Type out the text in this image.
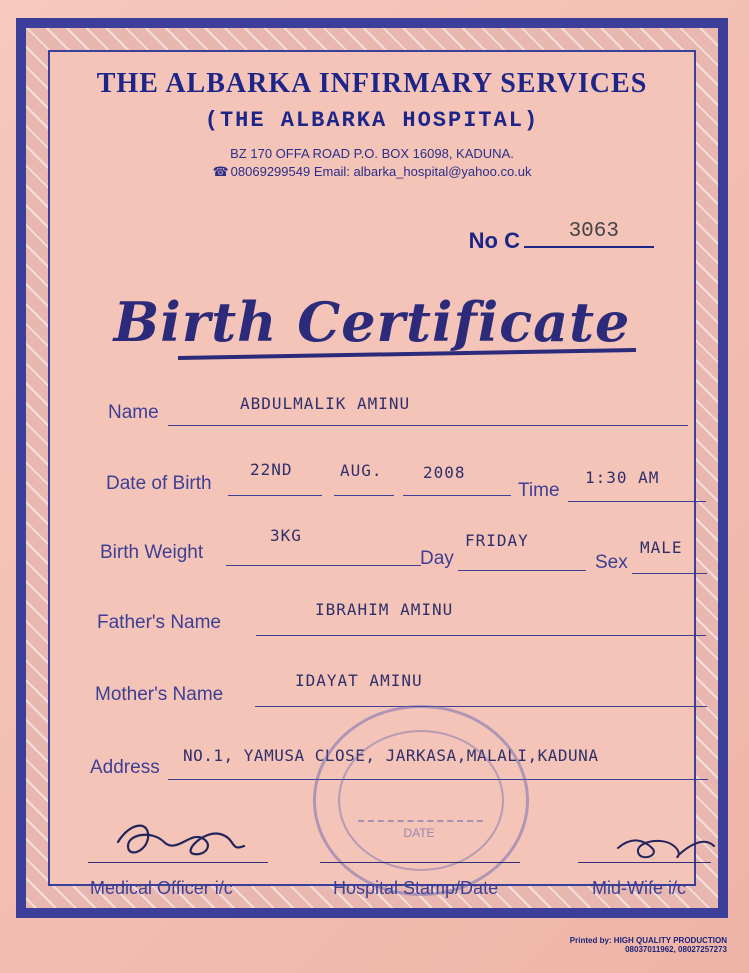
THE ALBARKA INFIRMARY SERVICES
(THE ALBARKA HOSPITAL)
BZ 170 OFFA ROAD P.O. BOX 16098, KADUNA.
☎ 08069299549 Email: albarka_hospital@yahoo.co.uk
No C	3063
Birth Certificate
Name	ABDULMALIK AMINU
Date of Birth
22ND	AUG.	2008
Time
1:30 AM
Birth Weight
3KG
Day
FRIDAY
Sex
MALE
Father's Name
IBRAHIM AMINU
Mother's Name
IDAYAT AMINU
Address
NO.1, YAMUSA CLOSE, JARKASA,MALALI,KADUNA
DATE
Medical Officer i/c	Hospital Stamp/Date	Mid-Wife i/c
Printed by: HIGH QUALITY PRODUCTION
08037011962, 08027257273
